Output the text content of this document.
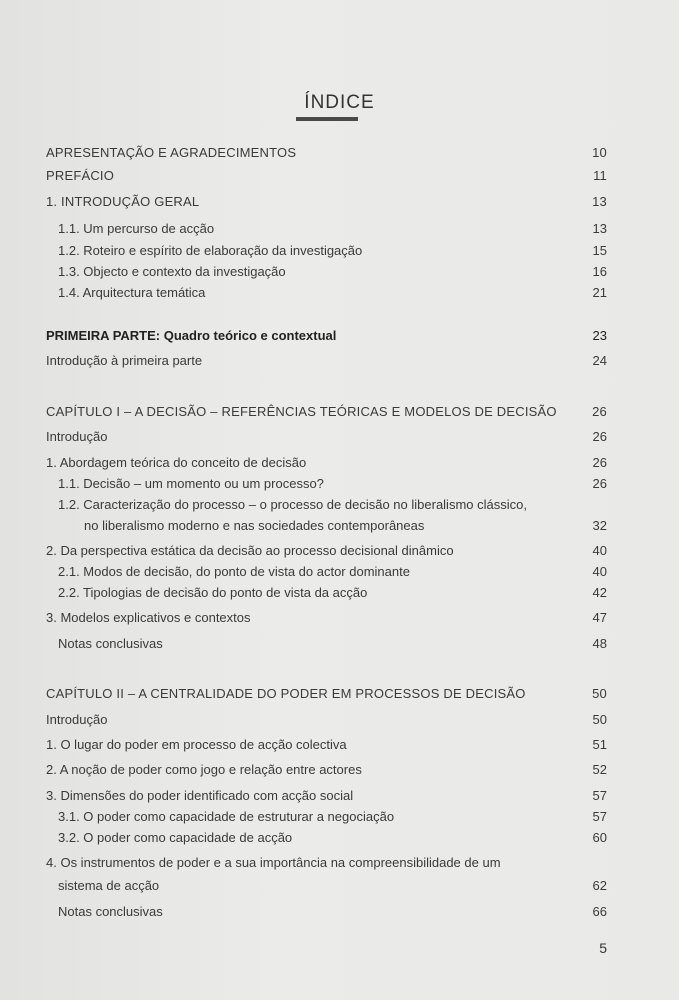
ÍNDICE
APRESENTAÇÃO E AGRADECIMENTOS	10
PREFÁCIO	11
1. INTRODUÇÃO GERAL	13
1.1. Um percurso de acção	13
1.2. Roteiro e espírito de elaboração da investigação	15
1.3. Objecto e contexto da investigação	16
1.4. Arquitectura temática	21
PRIMEIRA PARTE: Quadro teórico e contextual	23
Introdução à primeira parte	24
CAPÍTULO I – A DECISÃO – REFERÊNCIAS TEÓRICAS E MODELOS DE DECISÃO	26
Introdução	26
1. Abordagem teórica do conceito de decisão	26
1.1. Decisão – um momento ou um processo?	26
1.2. Caracterização do processo – o processo de decisão no liberalismo clássico,
no liberalismo moderno e nas sociedades contemporâneas	32
2. Da perspectiva estática da decisão ao processo decisional dinâmico	40
2.1. Modos de decisão, do ponto de vista do actor dominante	40
2.2. Tipologias de decisão do ponto de vista da acção	42
3. Modelos explicativos e contextos	47
Notas conclusivas	48
CAPÍTULO II – A CENTRALIDADE DO PODER EM PROCESSOS DE DECISÃO	50
Introdução	50
1. O lugar do poder em processo de acção colectiva	51
2. A noção de poder como jogo e relação entre actores	52
3. Dimensões do poder identificado com acção social	57
3.1. O poder como capacidade de estruturar a negociação	57
3.2. O poder como capacidade de acção	60
4. Os instrumentos de poder e a sua importância na compreensibilidade de um
sistema de acção	62
Notas conclusivas	66
5
